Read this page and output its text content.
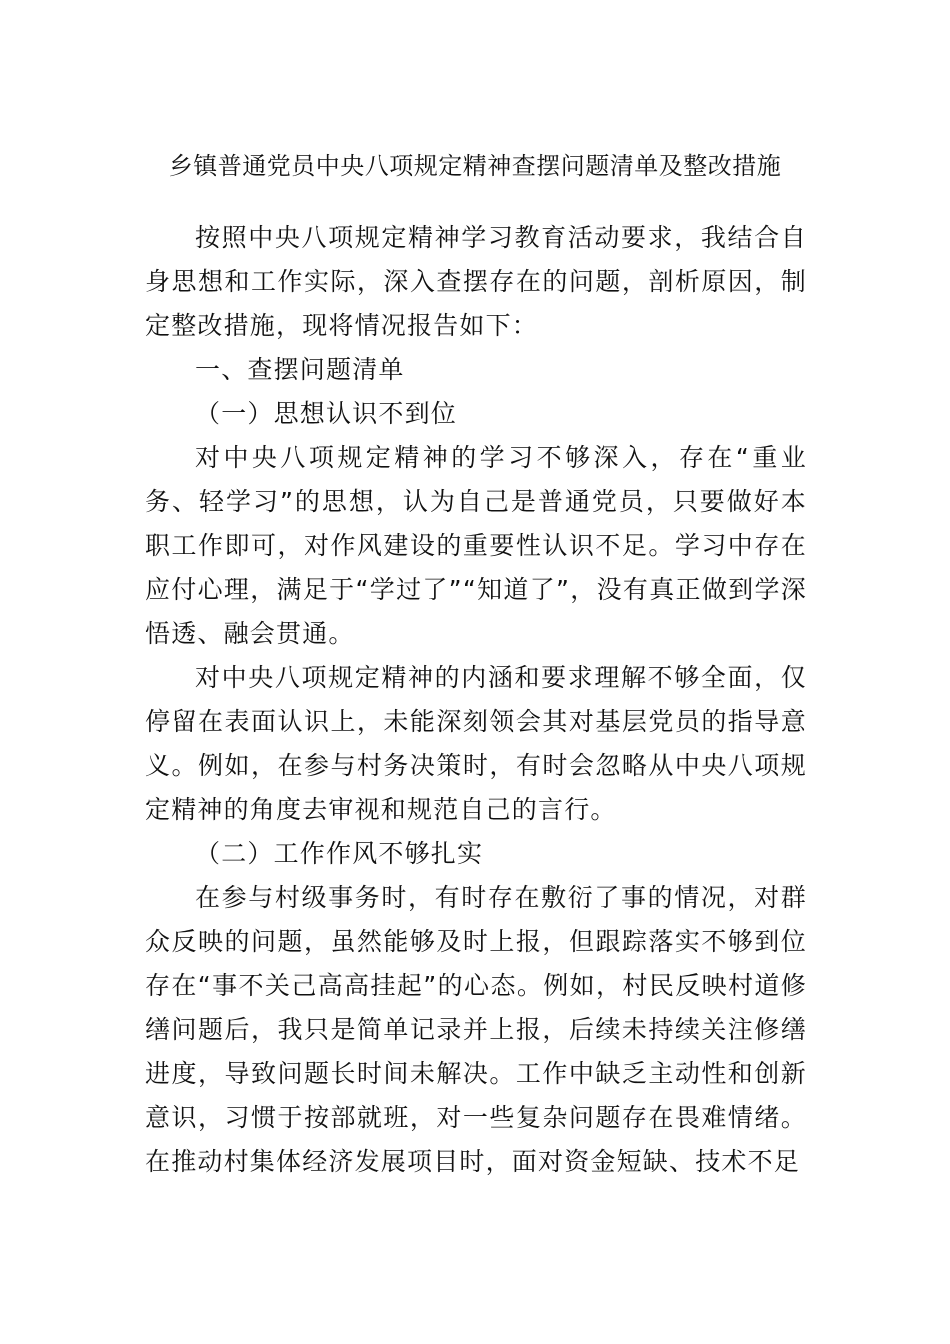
乡镇普通党员中央八项规定精神查摆问题清单及整改措施

按照中央八项规定精神学习教育活动要求，我结合自身思想和工作实际，深入查摆存在的问题，剖析原因，制定整改措施，现将情况报告如下：

一、查摆问题清单

（一）思想认识不到位

对中央八项规定精神的学习不够深入，存在“重业务、轻学习”的思想，认为自己是普通党员，只要做好本职工作即可，对作风建设的重要性认识不足。学习中存在应付心理，满足于“学过了”“知道了”，没有真正做到学深悟透、融会贯通。

对中央八项规定精神的内涵和要求理解不够全面，仅停留在表面认识上，未能深刻领会其对基层党员的指导意义。例如，在参与村务决策时，有时会忽略从中央八项规定精神的角度去审视和规范自己的言行。

（二）工作作风不够扎实

在参与村级事务时，有时存在敷衍了事的情况，对群众反映的问题，虽然能够及时上报，但跟踪落实不够到位存在“事不关己高高挂起”的心态。例如，村民反映村道修缮问题后，我只是简单记录并上报，后续未持续关注修缮进度，导致问题长时间未解决。工作中缺乏主动性和创新意识，习惯于按部就班，对一些复杂问题存在畏难情绪。在推动村集体经济发展项目时，面对资金短缺、技术不足
